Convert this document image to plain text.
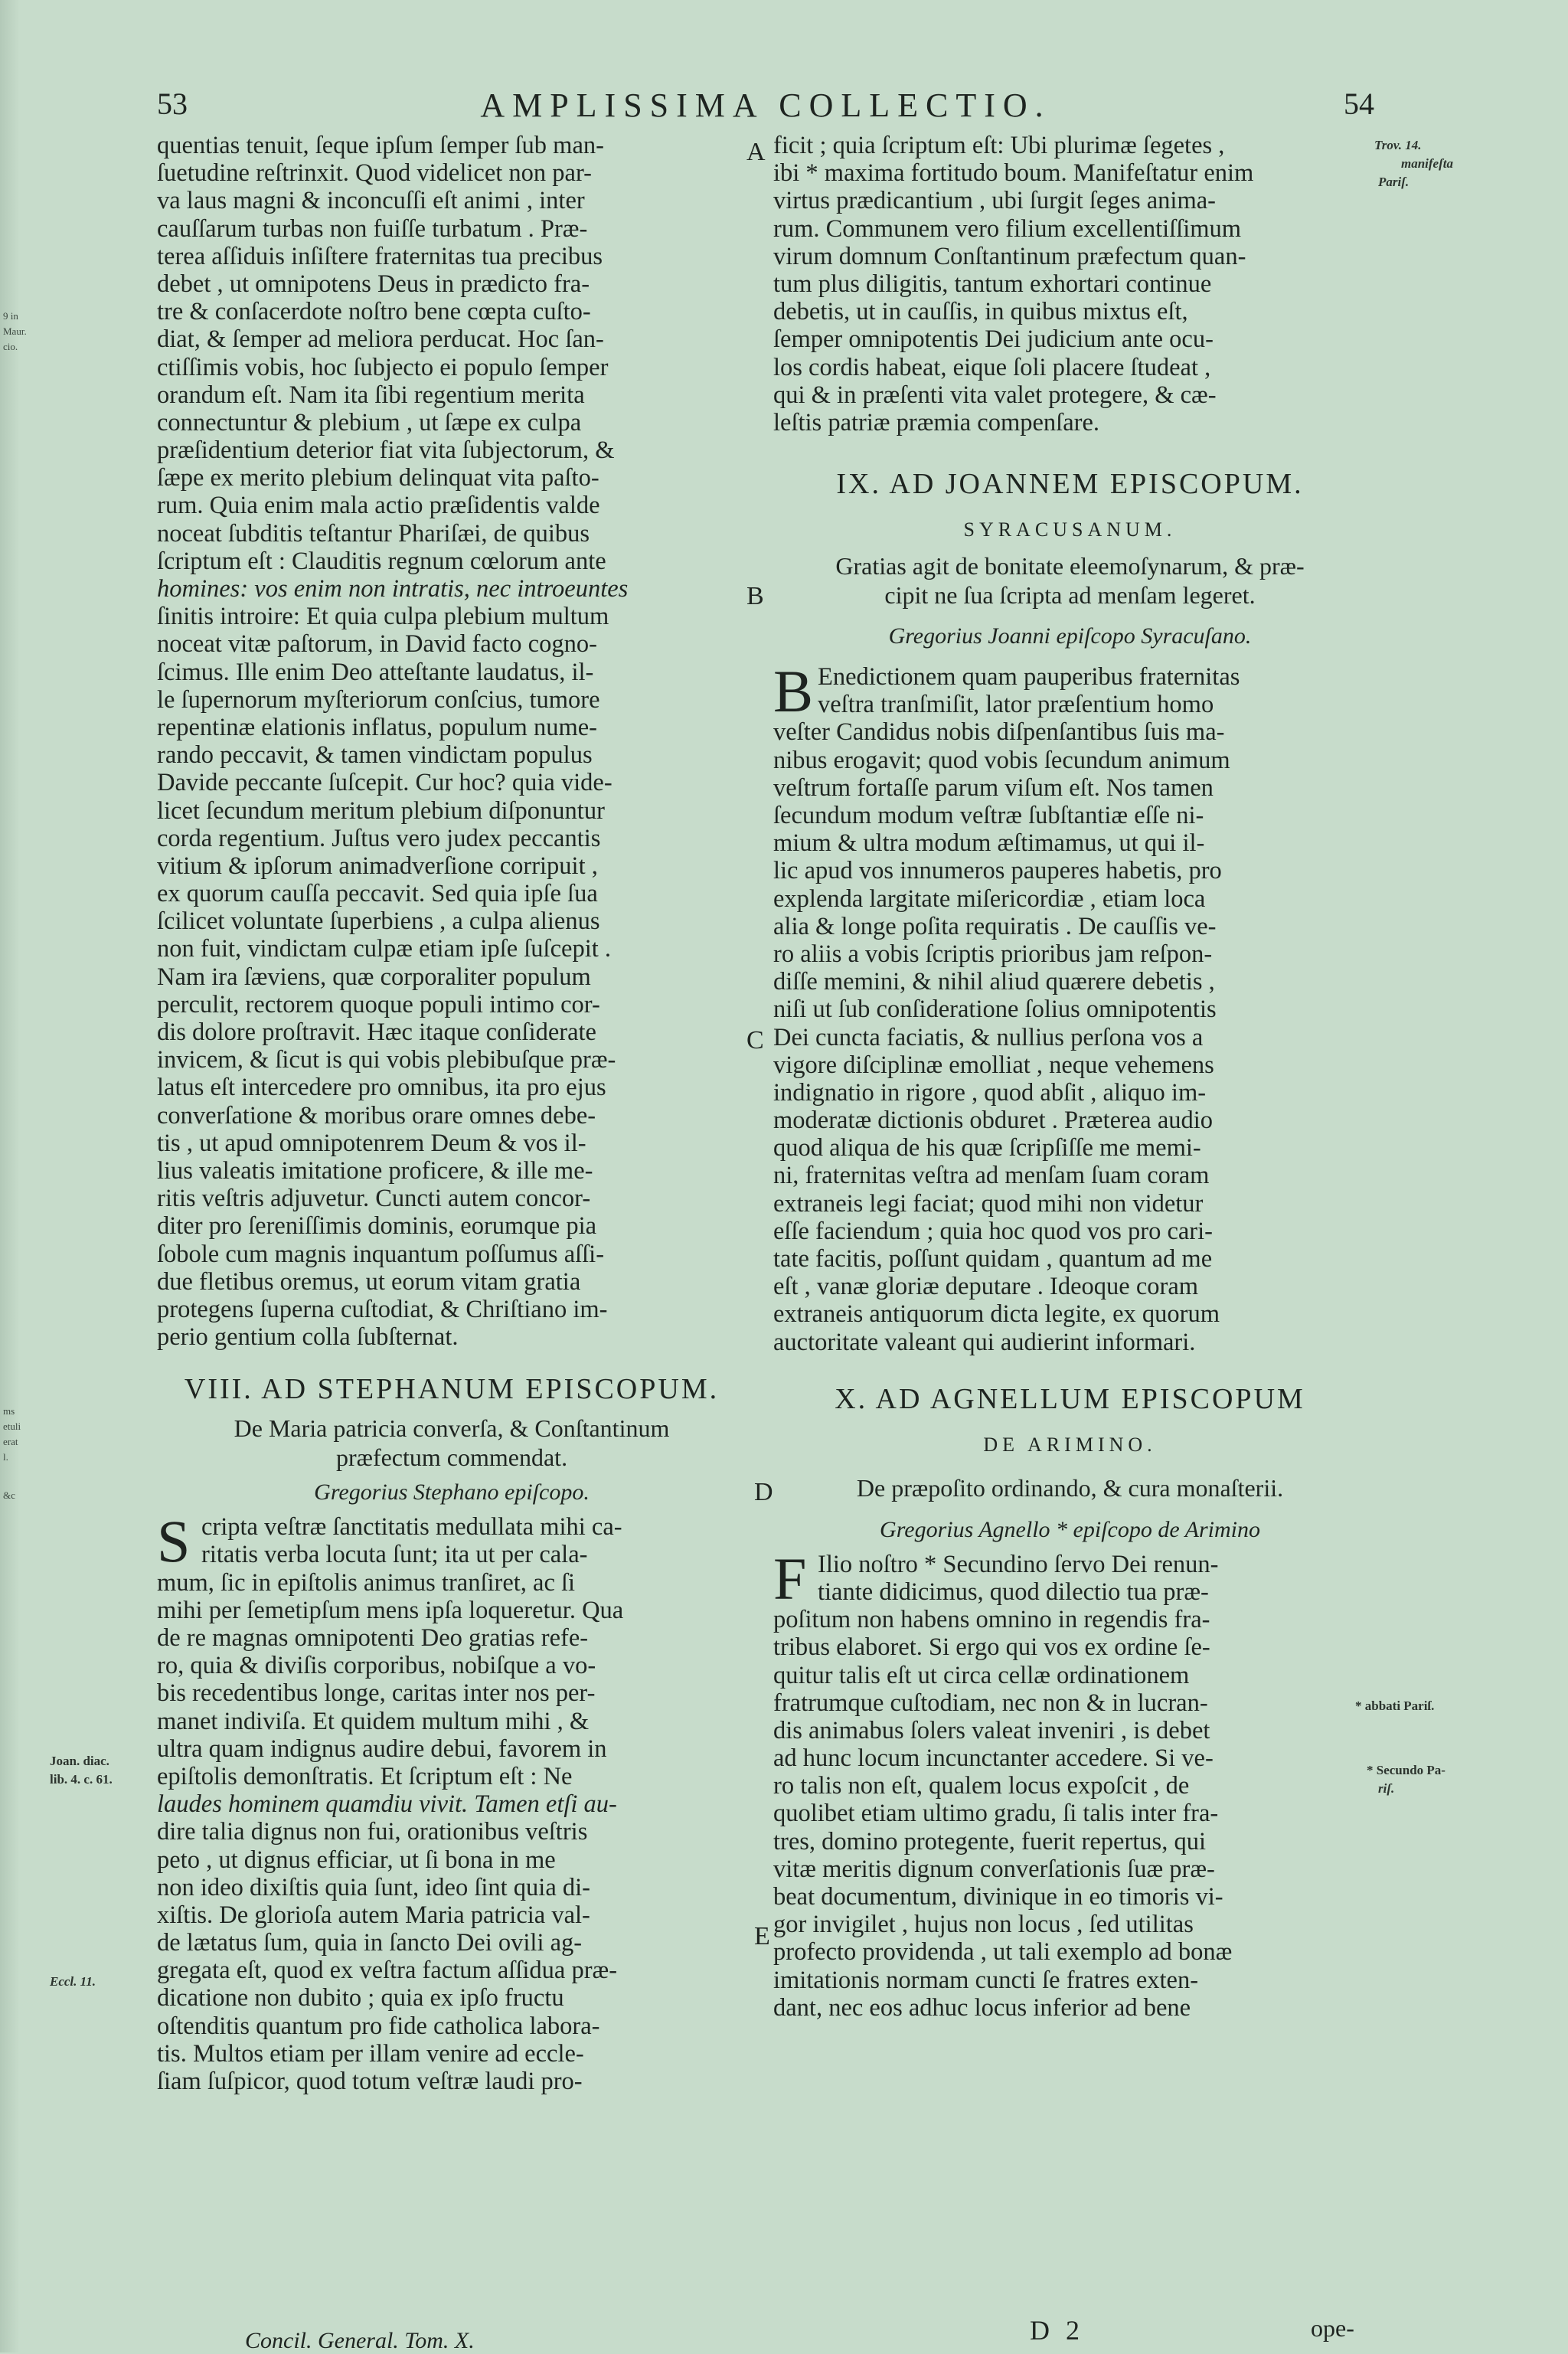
9 in
Maur.
cio.
ms
etuli
erat
l.
&c
53	AMPLISSIMA COLLECTIO.	54
quentias tenuit, ſeque ipſum ſemper ſub man-
ſuetudine reſtrinxit. Quod videlicet non par-
va laus magni & inconcuſſi eſt animi , inter
cauſſarum turbas non fuiſſe turbatum . Præ-
terea aſſiduis inſiſtere fraternitas tua precibus
debet , ut omnipotens Deus in prædicto fra-
tre & conſacerdote noſtro bene cœpta cuſto-
diat, & ſemper ad meliora perducat. Hoc ſan-
ctiſſimis vobis, hoc ſubjecto ei populo ſemper
orandum eſt. Nam ita ſibi regentium merita
connectuntur & plebium , ut ſæpe ex culpa
præſidentium deterior fiat vita ſubjectorum, &
ſæpe ex merito plebium delinquat vita paſto-
rum. Quia enim mala actio præſidentis valde
noceat ſubditis teſtantur Phariſæi, de quibus
ſcriptum eſt : Clauditis regnum cœlorum ante
homines: vos enim non intratis, nec introeuntes
ſinitis introire: Et quia culpa plebium multum
noceat vitæ paſtorum, in David facto cogno-
ſcimus. Ille enim Deo atteſtante laudatus, il-
le ſupernorum myſteriorum conſcius, tumore
repentinæ elationis inflatus, populum nume-
rando peccavit, & tamen vindictam populus
Davide peccante ſuſcepit. Cur hoc? quia vide-
licet ſecundum meritum plebium diſponuntur
corda regentium. Juſtus vero judex peccantis
vitium & ipſorum animadverſione corripuit ,
ex quorum cauſſa peccavit. Sed quia ipſe ſua
ſcilicet voluntate ſuperbiens , a culpa alienus
non fuit, vindictam culpæ etiam ipſe ſuſcepit .
Nam ira ſæviens, quæ corporaliter populum
perculit, rectorem quoque populi intimo cor-
dis dolore proſtravit. Hæc itaque conſiderate
invicem, & ſicut is qui vobis plebibuſque præ-
latus eſt intercedere pro omnibus, ita pro ejus
converſatione & moribus orare omnes debe-
tis , ut apud omnipotenrem Deum & vos il-
lius valeatis imitatione proficere, & ille me-
ritis veſtris adjuvetur. Cuncti autem concor-
diter pro ſereniſſimis dominis, eorumque pia
ſobole cum magnis inquantum poſſumus aſſi-
due fletibus oremus, ut eorum vitam gratia
protegens ſuperna cuſtodiat, & Chriſtiano im-
perio gentium colla ſubſternat.
VIII. AD STEPHANUM EPISCOPUM.
De Maria patricia converſa, & Conſtantinum
præfectum commendat.
Gregorius Stephano epiſcopo.
S cripta veſtræ ſanctitatis medullata mihi ca-
ritatis verba locuta ſunt; ita ut per cala-
mum, ſic in epiſtolis animus tranſiret, ac ſi
mihi per ſemetipſum mens ipſa loqueretur. Qua
de re magnas omnipotenti Deo gratias refe-
ro, quia & diviſis corporibus, nobiſque a vo-
bis recedentibus longe, caritas inter nos per-
manet indiviſa. Et quidem multum mihi , &
ultra quam indignus audire debui, favorem in
epiſtolis demonſtratis. Et ſcriptum eſt : Ne
laudes hominem quamdiu vivit. Tamen etſi au-
dire talia dignus non fui, orationibus veſtris
peto , ut dignus efficiar, ut ſi bona in me
non ideo dixiſtis quia ſunt, ideo ſint quia di-
xiſtis. De glorioſa autem Maria patricia val-
de lætatus ſum, quia in ſancto Dei ovili ag-
gregata eſt, quod ex veſtra factum aſſidua præ-
dicatione non dubito ; quia ex ipſo fructu
oſtenditis quantum pro fide catholica labora-
tis. Multos etiam per illam venire ad eccle-
ſiam ſuſpicor, quod totum veſtræ laudi pro-
Concil. General. Tom. X.
A
B
C
D
E
ficit ; quia ſcriptum eſt: Ubi plurimæ ſegetes ,
ibi * maxima fortitudo boum. Manifeſtatur enim
virtus prædicantium , ubi ſurgit ſeges anima-
rum. Communem vero filium excellentiſſimum
virum domnum Conſtantinum præfectum quan-
tum plus diligitis, tantum exhortari continue
debetis, ut in cauſſis, in quibus mixtus eſt,
ſemper omnipotentis Dei judicium ante ocu-
los cordis habeat, eique ſoli placere ſtudeat ,
qui & in præſenti vita valet protegere, & cæ-
leſtis patriæ præmia compenſare.
IX. AD JOANNEM EPISCOPUM.
SYRACUSANUM.
Gratias agit de bonitate eleemoſynarum, & præ-
cipit ne ſua ſcripta ad menſam legeret.
Gregorius Joanni epiſcopo Syracuſano.
B Enedictionem quam pauperibus fraternitas
veſtra tranſmiſit, lator præſentium homo
veſter Candidus nobis diſpenſantibus ſuis ma-
nibus erogavit; quod vobis ſecundum animum
veſtrum fortaſſe parum viſum eſt. Nos tamen
ſecundum modum veſtræ ſubſtantiæ eſſe ni-
mium & ultra modum æſtimamus, ut qui il-
lic apud vos innumeros pauperes habetis, pro
explenda largitate miſericordiæ , etiam loca
alia & longe poſita requiratis . De cauſſis ve-
ro aliis a vobis ſcriptis prioribus jam reſpon-
diſſe memini, & nihil aliud quærere debetis ,
niſi ut ſub conſideratione ſolius omnipotentis
Dei cuncta faciatis, & nullius perſona vos a
vigore diſciplinæ emolliat , neque vehemens
indignatio in rigore , quod abſit , aliquo im-
moderatæ dictionis obduret . Præterea audio
quod aliqua de his quæ ſcripſiſſe me memi-
ni, fraternitas veſtra ad menſam ſuam coram
extraneis legi faciat; quod mihi non videtur
eſſe faciendum ; quia hoc quod vos pro cari-
tate facitis, poſſunt quidam , quantum ad me
eſt , vanæ gloriæ deputare . Ideoque coram
extraneis antiquorum dicta legite, ex quorum
auctoritate valeant qui audierint informari.
X. AD AGNELLUM EPISCOPUM
DE ARIMINO.
De præpoſito ordinando, & cura monaſterii.
Gregorius Agnello * epiſcopo de Arimino
F Ilio noſtro * Secundino ſervo Dei renun-
tiante didicimus, quod dilectio tua præ-
poſitum non habens omnino in regendis fra-
tribus elaboret. Si ergo qui vos ex ordine ſe-
quitur talis eſt ut circa cellæ ordinationem
fratrumque cuſtodiam, nec non & in lucran-
dis animabus ſolers valeat inveniri , is debet
ad hunc locum incunctanter accedere. Si ve-
ro talis non eſt, qualem locus expoſcit , de
quolibet etiam ultimo gradu, ſi talis inter fra-
tres, domino protegente, fuerit repertus, qui
vitæ meritis dignum converſationis ſuæ præ-
beat documentum, divinique in eo timoris vi-
gor invigilet , hujus non locus , ſed utilitas
profecto providenda , ut tali exemplo ad bonæ
imitationis normam cuncti ſe fratres exten-
dant, nec eos adhuc locus inferior ad bene
D 2	ope-
Trov. 14.
manifeſta
Pariſ.
* abbati Pariſ.
* Secundo Pa-
riſ.
Joan. diac.
lib. 4. c. 61.
Eccl. 11.
